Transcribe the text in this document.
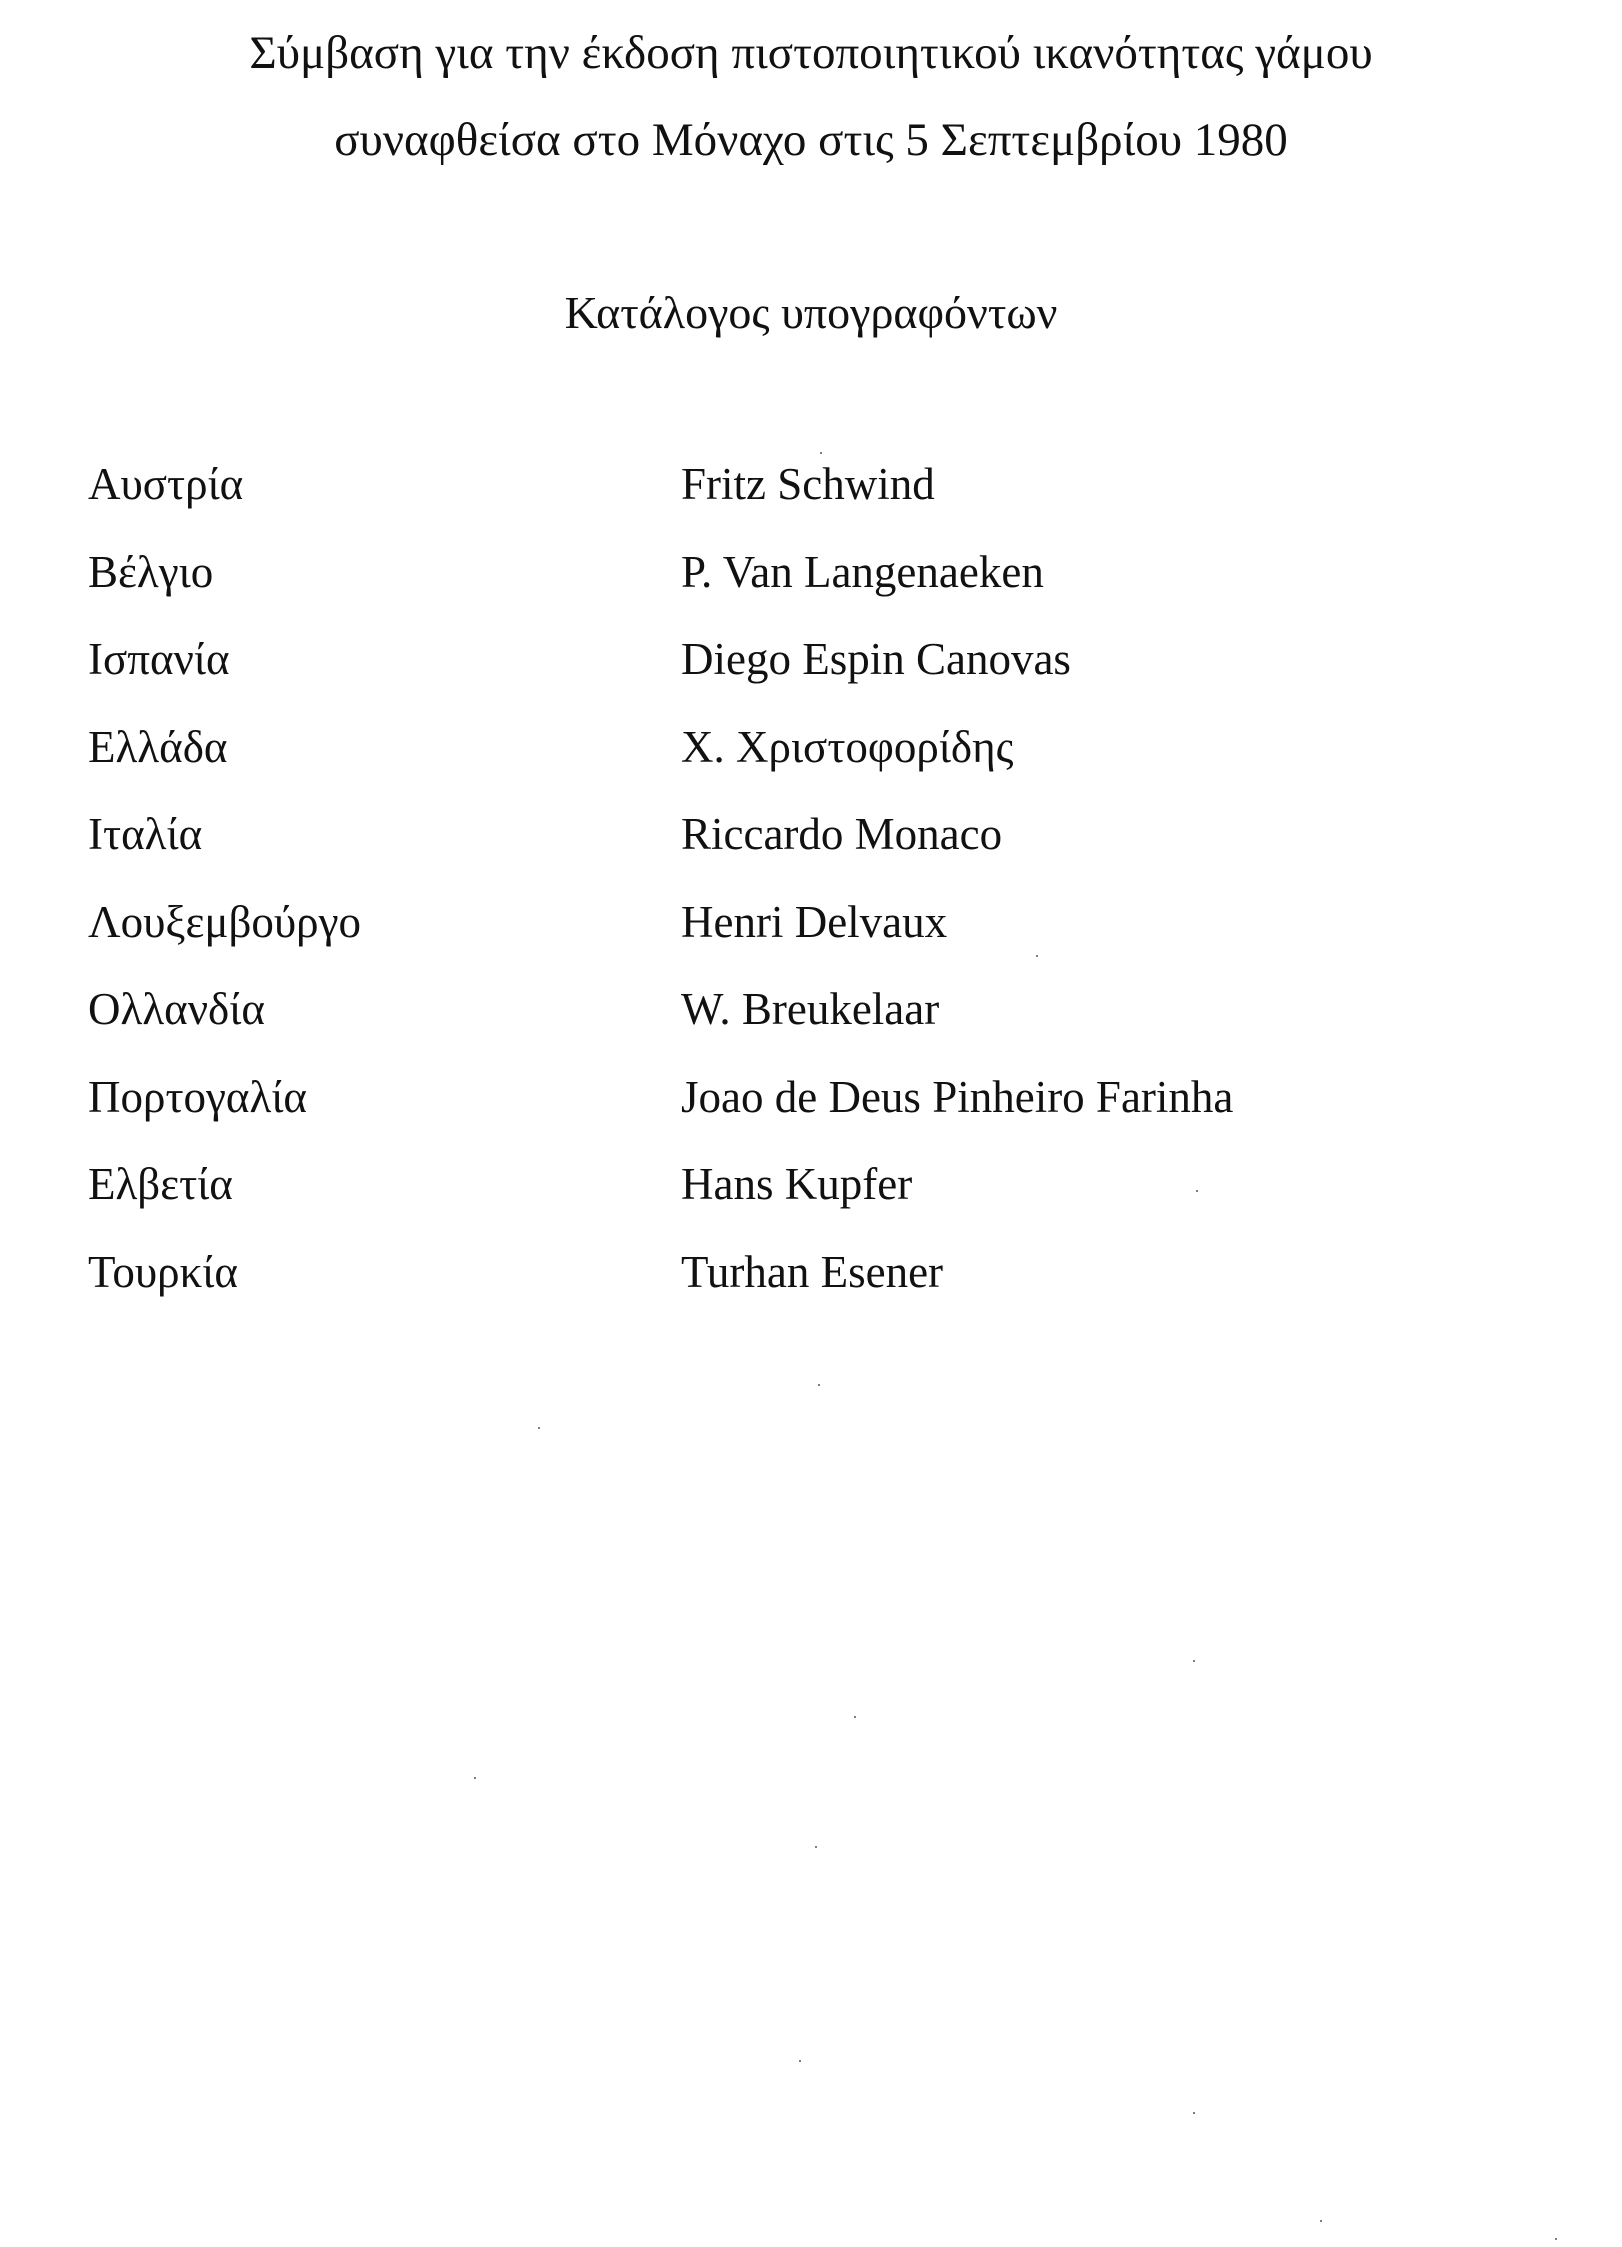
Σύμβαση για την έκδοση πιστοποιητικού ικανότητας γάμου
συναφθείσα στο Μόναχο στις 5 Σεπτεμβρίου 1980
Κατάλογος υπογραφόντων
Αυστρία	Fritz Schwind
Βέλγιο	P. Van Langenaeken
Ισπανία	Diego Espin Canovas
Ελλάδα	Χ. Χριστοφορίδης
Ιταλία	Riccardo Monaco
Λουξεμβούργο	Henri Delvaux
Ολλανδία	W. Breukelaar
Πορτογαλία	Joao de Deus Pinheiro Farinha
Ελβετία	Hans Kupfer
Τουρκία	Turhan Esener
